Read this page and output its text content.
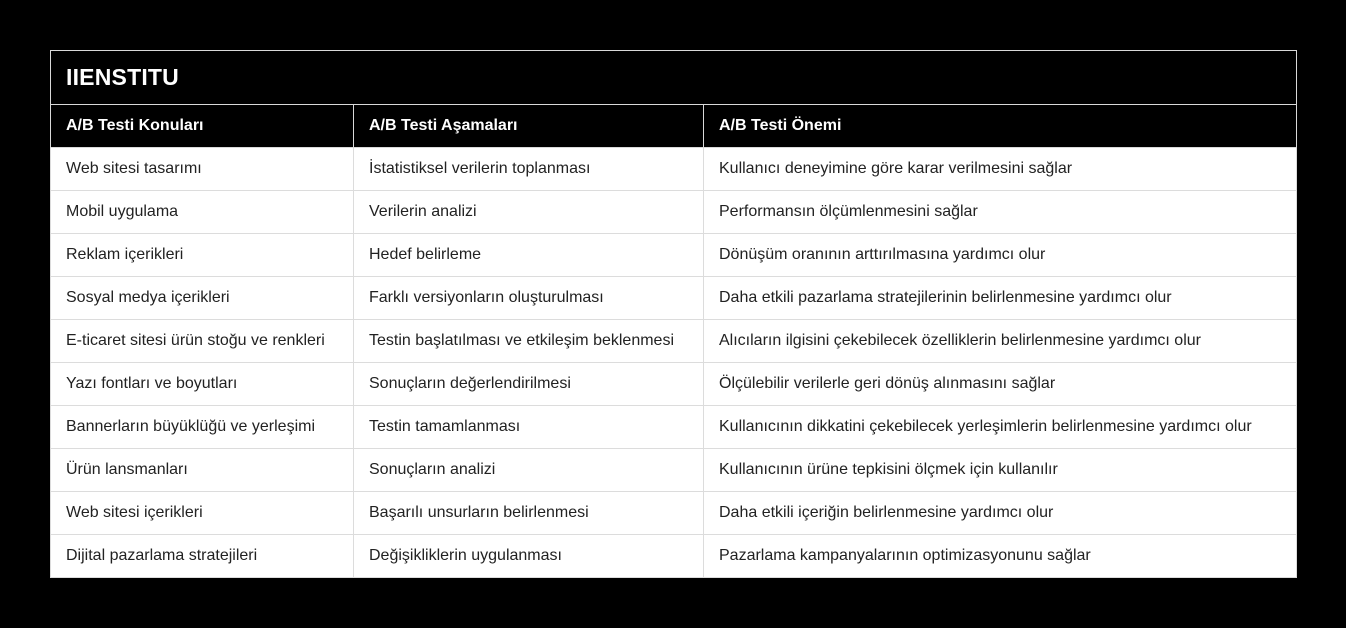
IIENSTITU		
A/B Testi Konuları	A/B Testi Aşamaları	A/B Testi Önemi
Web sitesi tasarımı	İstatistiksel verilerin toplanması	Kullanıcı deneyimine göre karar verilmesini sağlar
Mobil uygulama	Verilerin analizi	Performansın ölçümlenmesini sağlar
Reklam içerikleri	Hedef belirleme	Dönüşüm oranının arttırılmasına yardımcı olur
Sosyal medya içerikleri	Farklı versiyonların oluşturulması	Daha etkili pazarlama stratejilerinin belirlenmesine yardımcı olur
E-ticaret sitesi ürün stoğu ve renkleri	Testin başlatılması ve etkileşim beklenmesi	Alıcıların ilgisini çekebilecek özelliklerin belirlenmesine yardımcı olur
Yazı fontları ve boyutları	Sonuçların değerlendirilmesi	Ölçülebilir verilerle geri dönüş alınmasını sağlar
Bannerların büyüklüğü ve yerleşimi	Testin tamamlanması	Kullanıcının dikkatini çekebilecek yerleşimlerin belirlenmesine yardımcı olur
Ürün lansmanları	Sonuçların analizi	Kullanıcının ürüne tepkisini ölçmek için kullanılır
Web sitesi içerikleri	Başarılı unsurların belirlenmesi	Daha etkili içeriğin belirlenmesine yardımcı olur
Dijital pazarlama stratejileri	Değişikliklerin uygulanması	Pazarlama kampanyalarının optimizasyonunu sağlar
